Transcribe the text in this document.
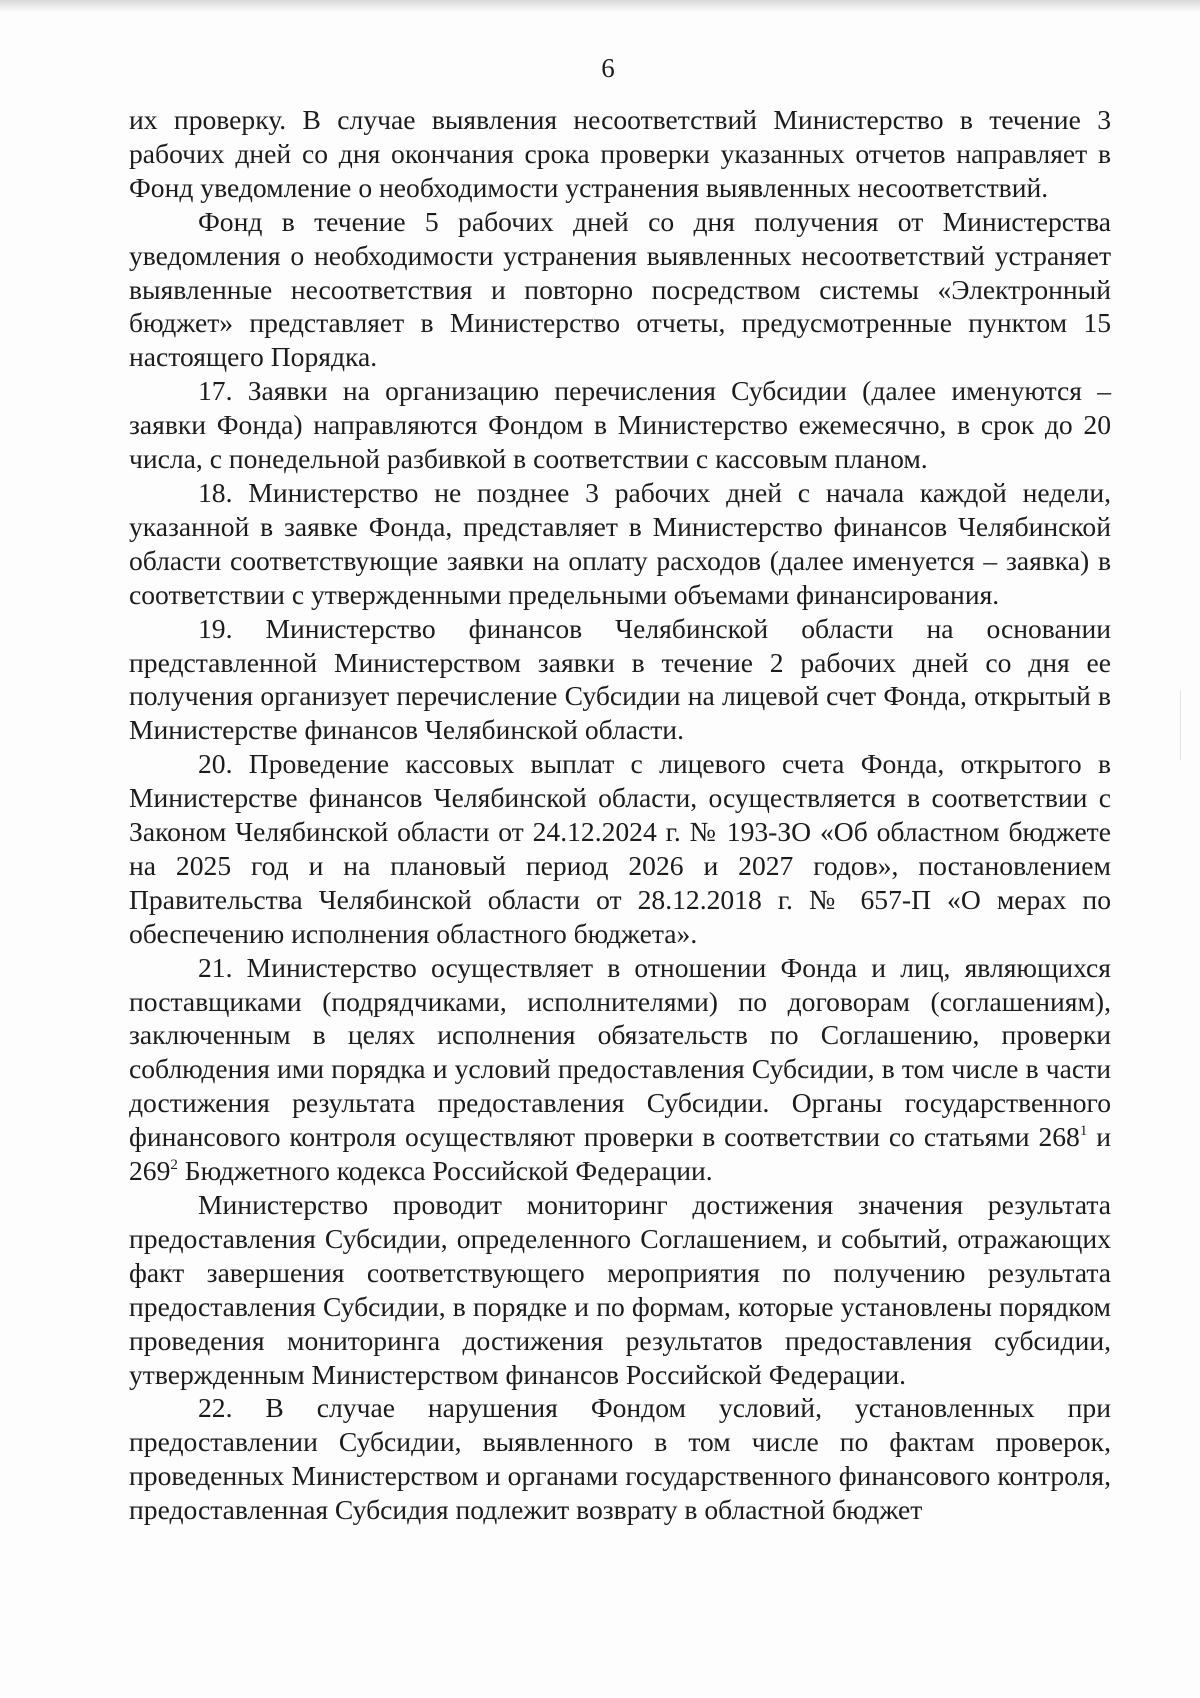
6

их проверку. В случае выявления несоответствий Министерство в течение 3 рабочих дней со дня окончания срока проверки указанных отчетов направляет в Фонд уведомление о необходимости устранения выявленных несоответствий.

Фонд в течение 5 рабочих дней со дня получения от Министерства уведомления о необходимости устранения выявленных несоответствий устраняет выявленные несоответствия и повторно посредством системы «Электронный бюджет» представляет в Министерство отчеты, предусмотренные пунктом 15 настоящего Порядка.

17. Заявки на организацию перечисления Субсидии (далее именуются – заявки Фонда) направляются Фондом в Министерство ежемесячно, в срок до 20 числа, с понедельной разбивкой в соответствии с кассовым планом.

18. Министерство не позднее 3 рабочих дней с начала каждой недели, указанной в заявке Фонда, представляет в Министерство финансов Челябинской области соответствующие заявки на оплату расходов (далее именуется – заявка) в соответствии с утвержденными предельными объемами финансирования.

19. Министерство финансов Челябинской области на основании представленной Министерством заявки в течение 2 рабочих дней со дня ее получения организует перечисление Субсидии на лицевой счет Фонда, открытый в Министерстве финансов Челябинской области.

20. Проведение кассовых выплат с лицевого счета Фонда, открытого в Министерстве финансов Челябинской области, осуществляется в соответствии с Законом Челябинской области от 24.12.2024 г. № 193-ЗО «Об областном бюджете на 2025 год и на плановый период 2026 и 2027 годов», постановлением Правительства Челябинской области от 28.12.2018 г. № 657-П «О мерах по обеспечению исполнения областного бюджета».

21. Министерство осуществляет в отношении Фонда и лиц, являющихся поставщиками (подрядчиками, исполнителями) по договорам (соглашениям), заключенным в целях исполнения обязательств по Соглашению, проверки соблюдения ими порядка и условий предоставления Субсидии, в том числе в части достижения результата предоставления Субсидии. Органы государственного финансового контроля осуществляют проверки в соответствии со статьями $268^1$ и $269^2$ Бюджетного кодекса Российской Федерации.

Министерство проводит мониторинг достижения значения результата предоставления Субсидии, определенного Соглашением, и событий, отражающих факт завершения соответствующего мероприятия по получению результата предоставления Субсидии, в порядке и по формам, которые установлены порядком проведения мониторинга достижения результатов предоставления субсидии, утвержденным Министерством финансов Российской Федерации.

22. В случае нарушения Фондом условий, установленных при предоставлении Субсидии, выявленного в том числе по фактам проверок, проведенных Министерством и органами государственного финансового контроля, предоставленная Субсидия подлежит возврату в областной бюджет
